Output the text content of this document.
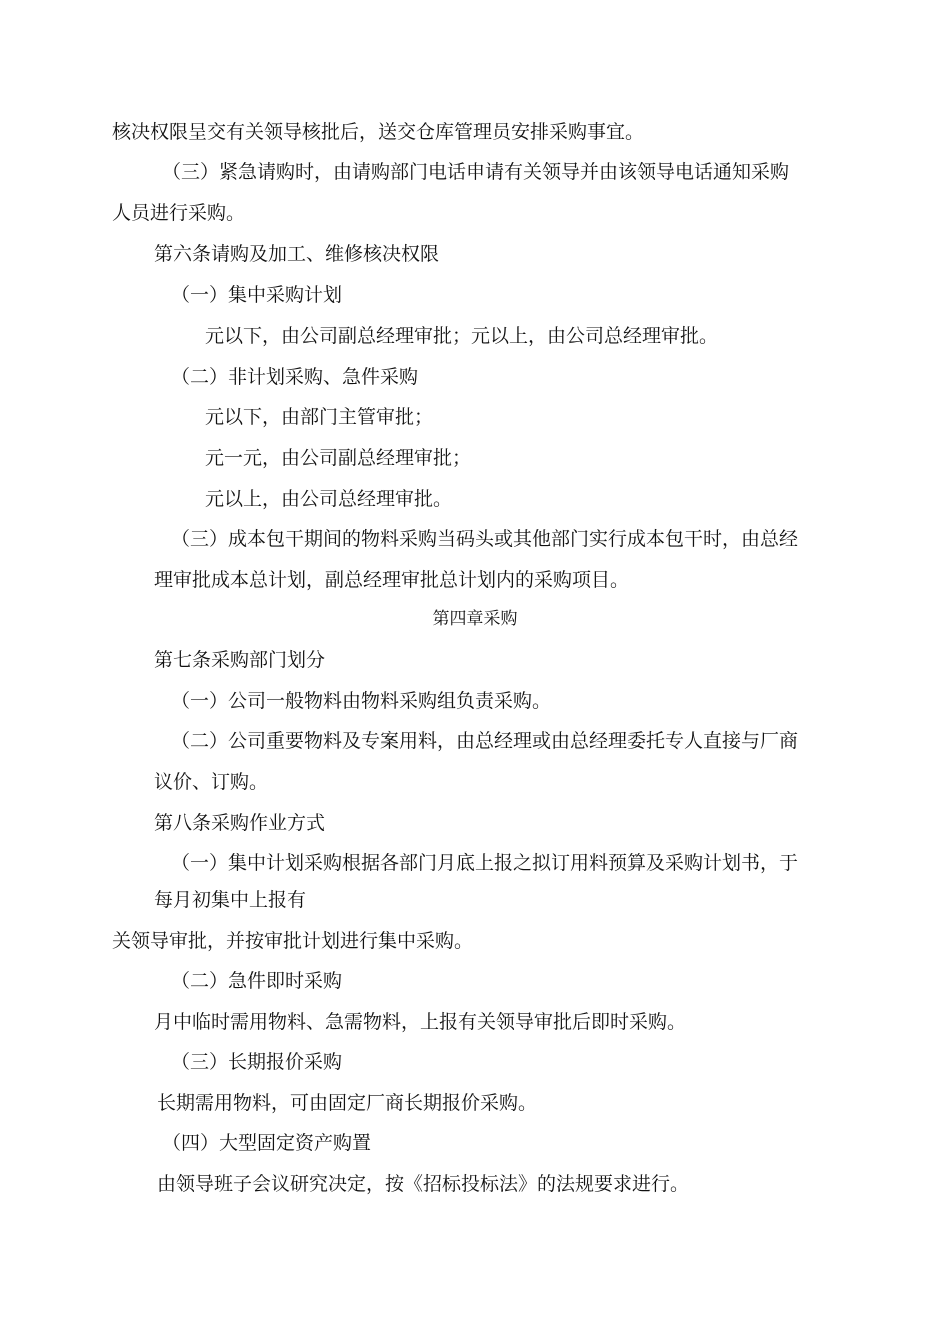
核决权限呈交有关领导核批后，送交仓库管理员安排采购事宜。
（三）紧急请购时，由请购部门电话申请有关领导并由该领导电话通知采购
人员进行采购。
第六条请购及加工、维修核决权限
（一）集中采购计划
元以下，由公司副总经理审批；元以上，由公司总经理审批。
（二）非计划采购、急件采购
元以下，由部门主管审批；
元一元，由公司副总经理审批；
元以上，由公司总经理审批。
（三）成本包干期间的物料采购当码头或其他部门实行成本包干时，由总经
理审批成本总计划，副总经理审批总计划内的采购项目。
第四章采购
第七条采购部门划分
（一）公司一般物料由物料采购组负责采购。
（二）公司重要物料及专案用料，由总经理或由总经理委托专人直接与厂商
议价、订购。
第八条采购作业方式
（一）集中计划采购根据各部门月底上报之拟订用料预算及采购计划书，于
每月初集中上报有
关领导审批，并按审批计划进行集中采购。
（二）急件即时采购
月中临时需用物料、急需物料，上报有关领导审批后即时采购。
（三）长期报价采购
长期需用物料，可由固定厂商长期报价采购。
（四）大型固定资产购置
由领导班子会议研究决定，按《招标投标法》的法规要求进行。
